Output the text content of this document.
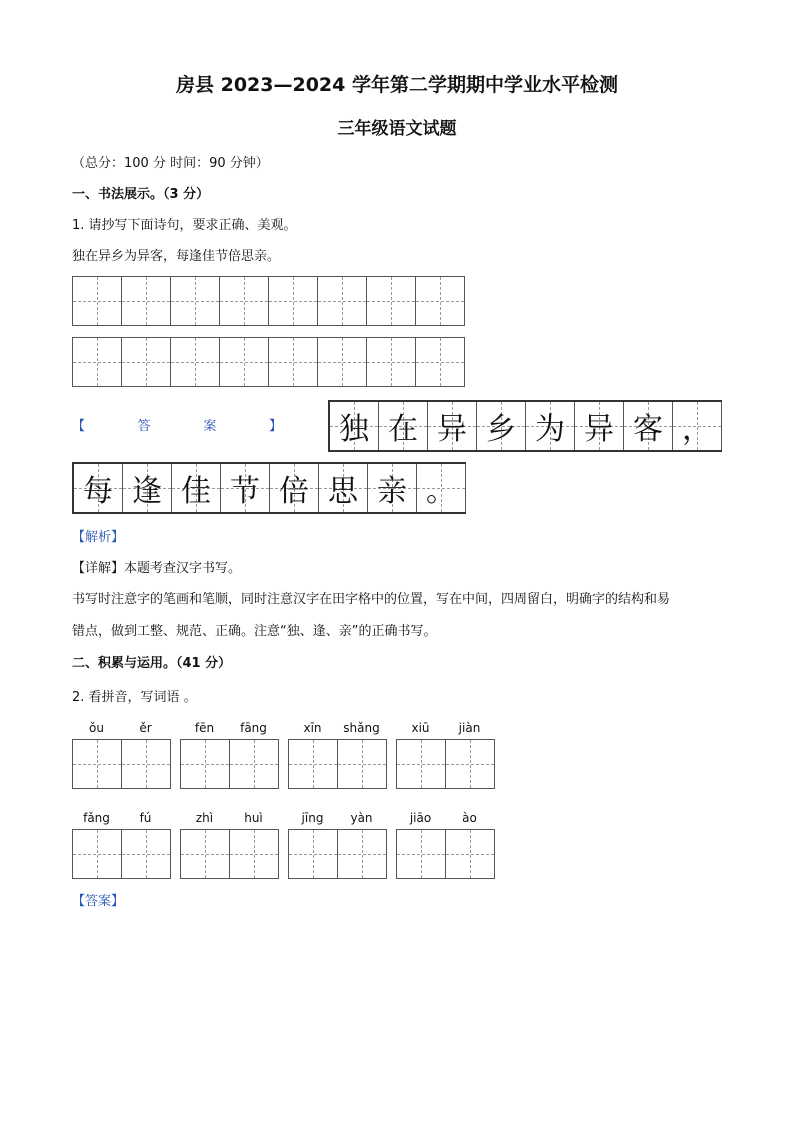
房县 2023—2024 学年第二学期期中学业水平检测
三年级语文试题
（总分：100 分 时间：90 分钟）
一、书法展示。（3 分）
1. 请抄写下面诗句，要求正确、美观。
独在异乡为异客，每逢佳节倍思亲。
【	答	案	】	独 在 异 乡 为 异 客 ，
每 逢 佳 节 倍 思 亲 。
【解析】
【详解】本题考查汉字书写。
书写时注意字的笔画和笔顺，同时注意汉字在田字格中的位置，写在中间，四周留白，明确字的结构和易
错点，做到工整、规范、正确。注意“独、逢、亲”的正确书写。
二、积累与运用。（41 分）
2. 看拼音，写词语 。
ǒu	ěr	fēn	fāng	xīn	shǎng	xiū	jiàn
fǎng	fú	zhì	huì	jīng	yàn	jiāo	ào
【答案】
